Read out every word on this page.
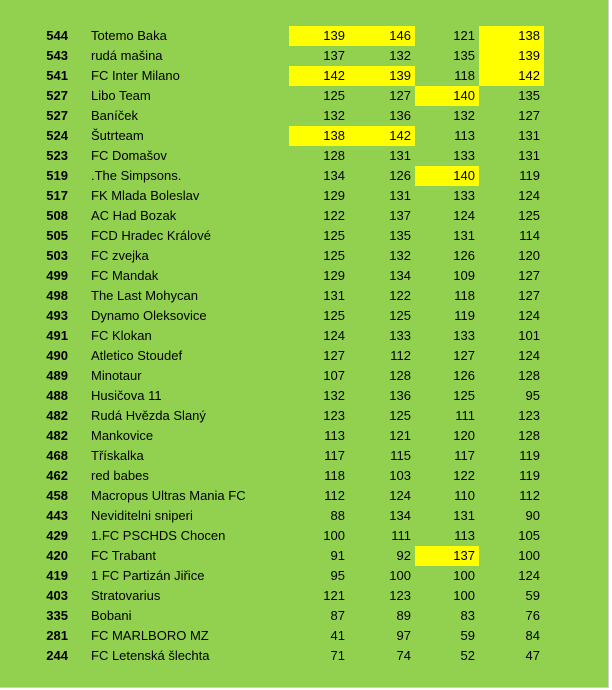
544		Totemo Baka		139	146	121	138
543		rudá mašina		137	132	135	139
541		FC Inter Milano		142	139	118	142
527		Libo Team		125	127	140	135
527		Baníček		132	136	132	127
524		Šutrteam		138	142	113	131
523		FC Domašov		128	131	133	131
519		.The Simpsons.		134	126	140	119
517		FK Mlada Boleslav		129	131	133	124
508		AC Had Bozak		122	137	124	125
505		FCD Hradec Králové		125	135	131	114
503		FC zvejka		125	132	126	120
499		FC Mandak		129	134	109	127
498		The Last Mohycan		131	122	118	127
493		Dynamo Oleksovice		125	125	119	124
491		FC Klokan		124	133	133	101
490		Atletico Stoudef		127	112	127	124
489		Minotaur		107	128	126	128
488		Husičova 11		132	136	125	95
482		Rudá Hvězda Slaný		123	125	111	123
482		Mankovice		113	121	120	128
468		Tříska​lka		117	115	117	119
462		red babes		118	103	122	119
458		Macropus Ultras Mania FC		112	124	110	112
443		Neviditelni sniperi		88	134	131	90
429		1.FC PSCHDS Chocen		100	111	113	105
420		FC Trabant		91	92	137	100
419		1 FC Partizán Jiřice		95	100	100	124
403		Stratovarius		121	123	100	59
335		Bobani		87	89	83	76
281		FC MARLBORO MZ		41	97	59	84
244		FC Letenská šlechta		71	74	52	47
